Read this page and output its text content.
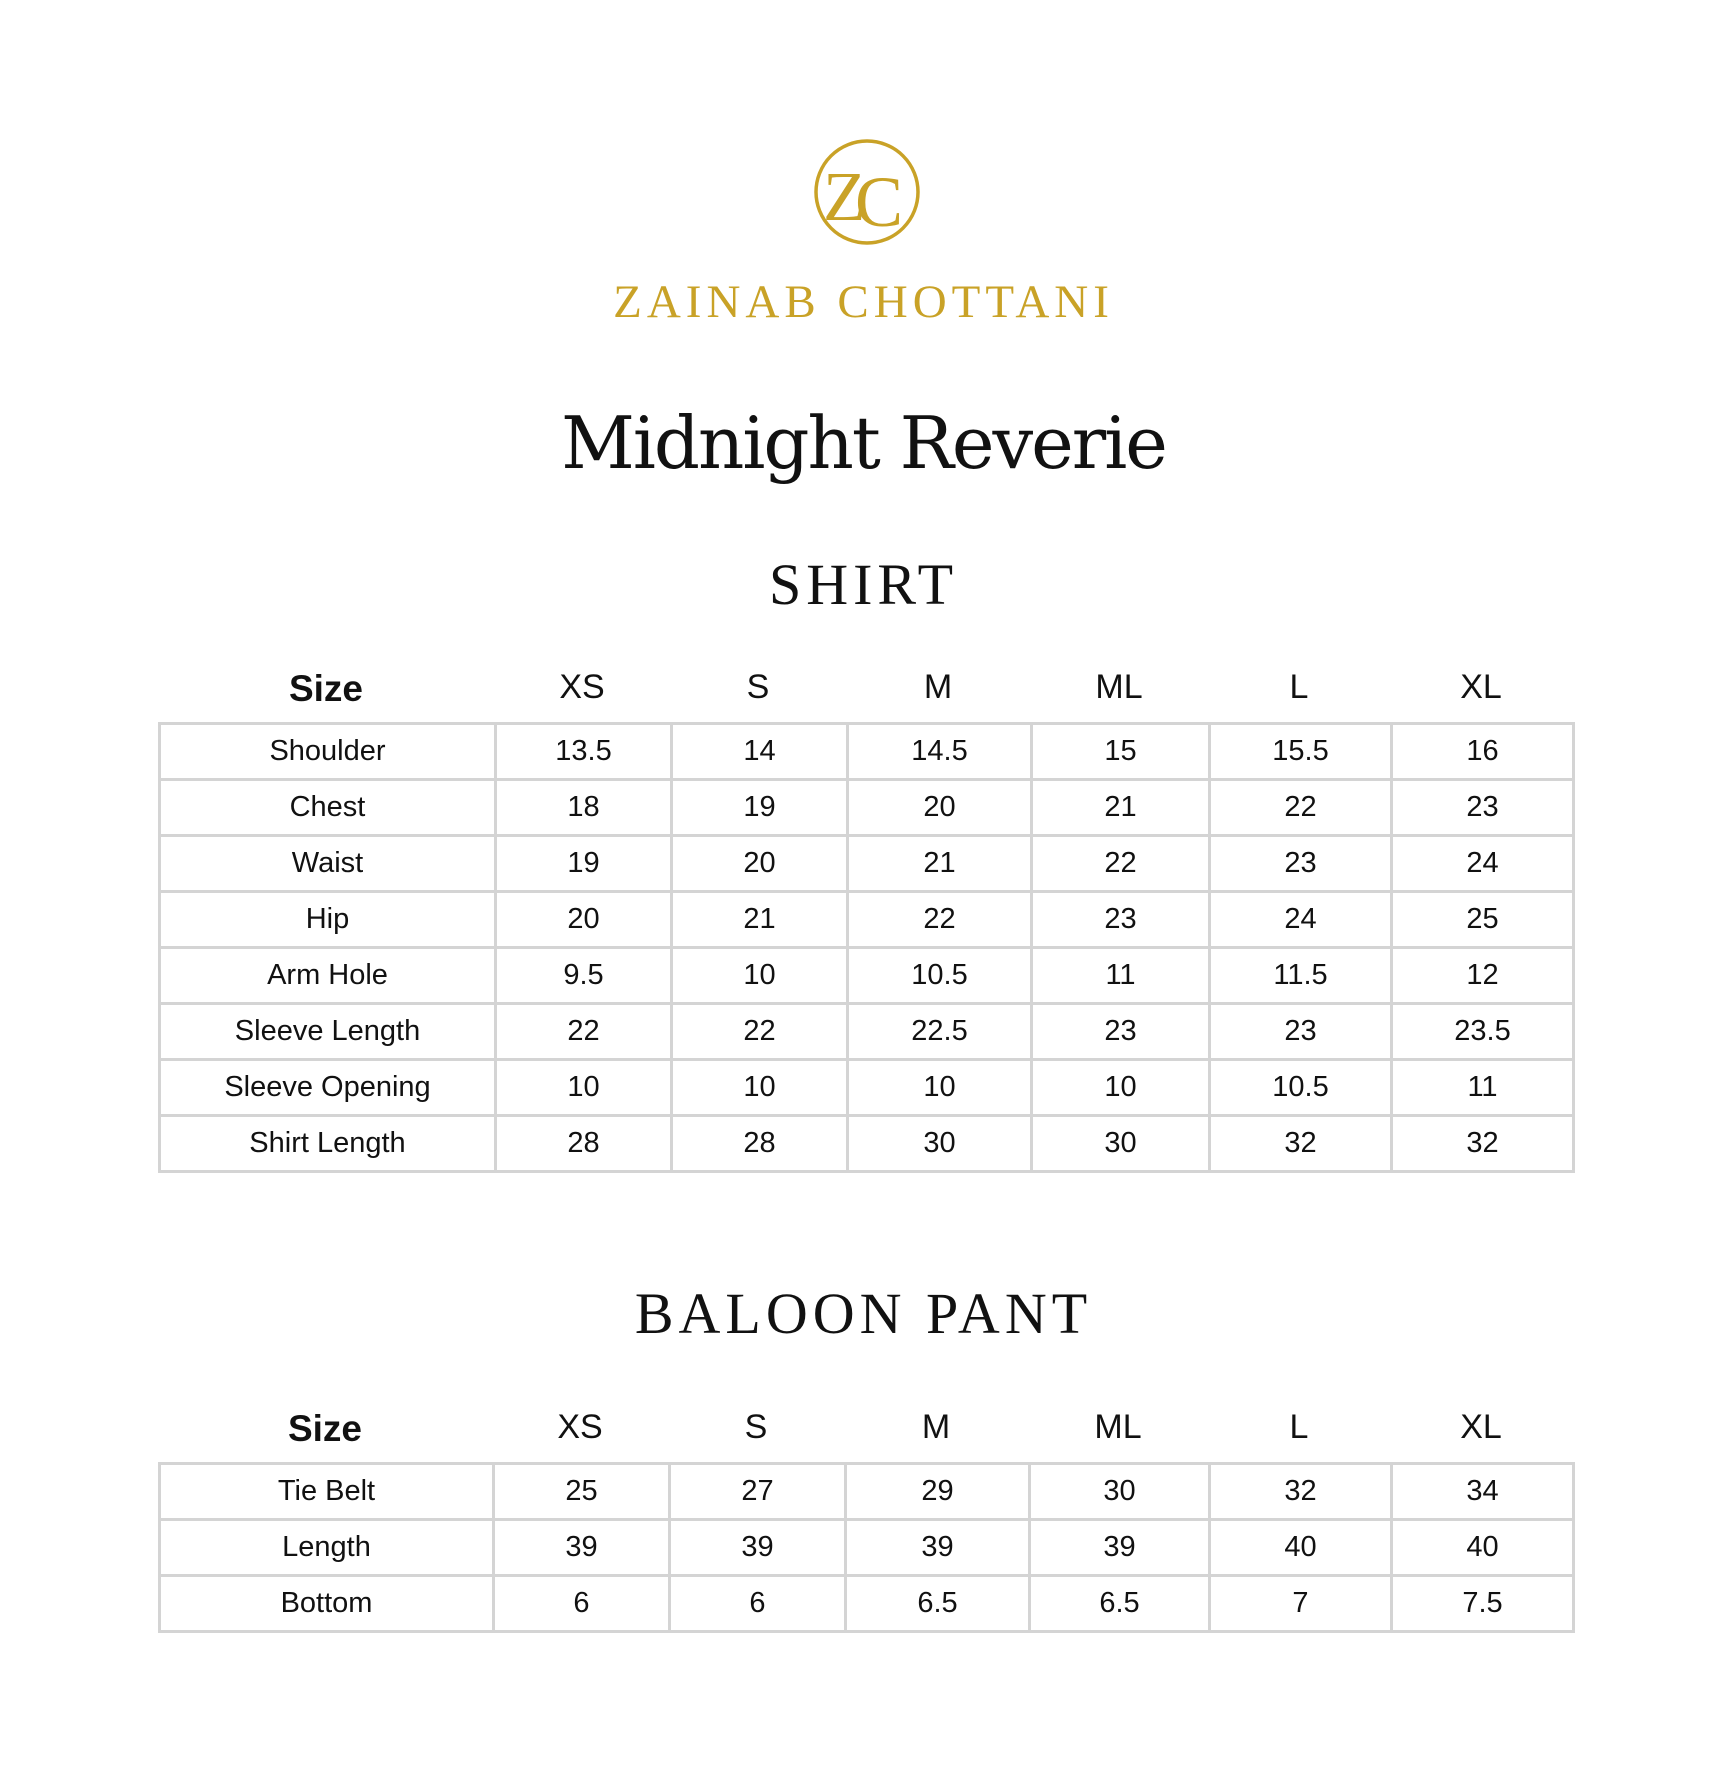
Z
C
ZAINAB CHOTTANI
Midnight Reverie
SHIRT
Size	XS	S	M	ML	L	XL
Shoulder	13.5	14	14.5	15	15.5	16
Chest	18	19	20	21	22	23
Waist	19	20	21	22	23	24
Hip	20	21	22	23	24	25
Arm Hole	9.5	10	10.5	11	11.5	12
Sleeve Length	22	22	22.5	23	23	23.5
Sleeve Opening	10	10	10	10	10.5	11
Shirt Length	28	28	30	30	32	32
BALOON PANT
Size	XS	S	M	ML	L	XL
Tie Belt	25	27	29	30	32	34
Length	39	39	39	39	40	40
Bottom	6	6	6.5	6.5	7	7.5
